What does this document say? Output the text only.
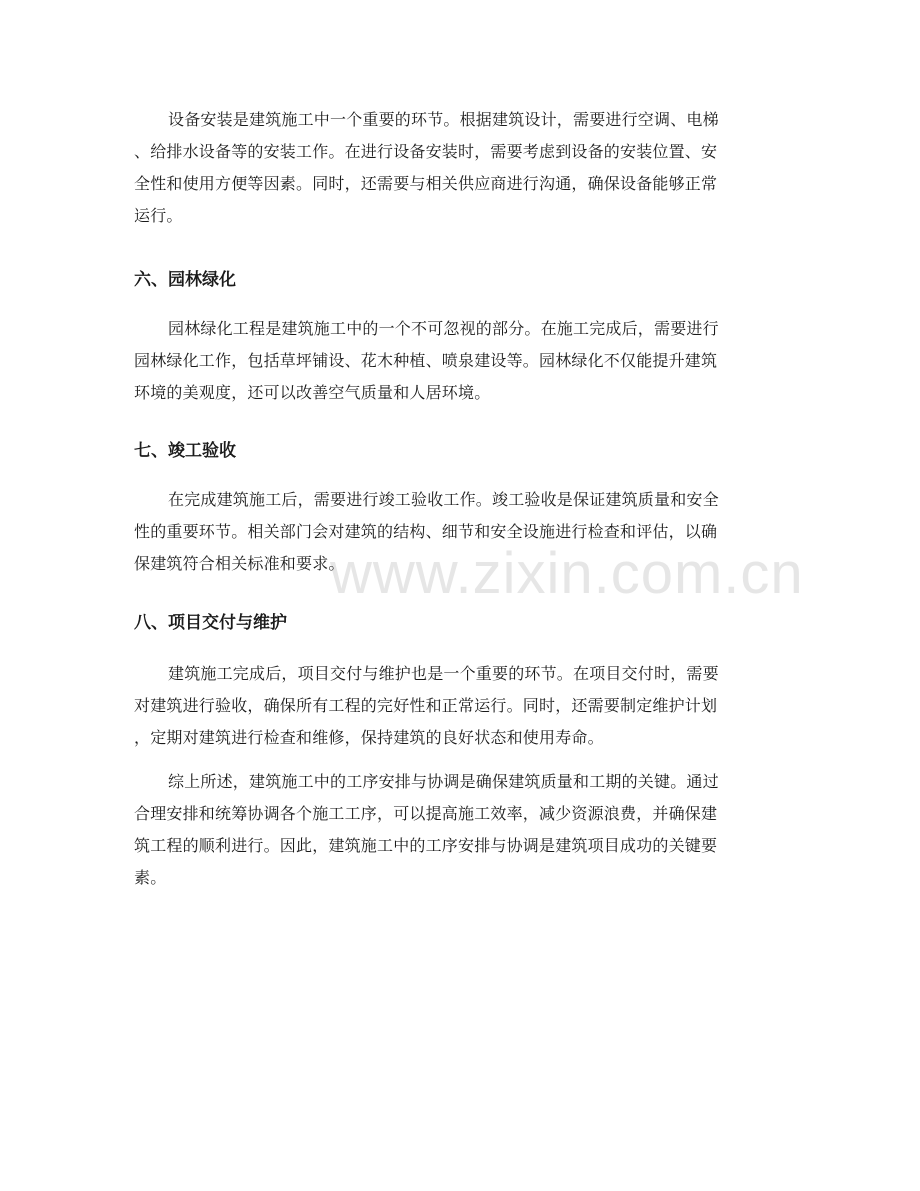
www.zixin.com.cn
设备安装是建筑施工中一个重要的环节。根据建筑设计，需要进行空调、电梯
、给排水设备等的安装工作。在进行设备安装时，需要考虑到设备的安装位置、安
全性和使用方便等因素。同时，还需要与相关供应商进行沟通，确保设备能够正常
运行。
六、园林绿化
园林绿化工程是建筑施工中的一个不可忽视的部分。在施工完成后，需要进行
园林绿化工作，包括草坪铺设、花木种植、喷泉建设等。园林绿化不仅能提升建筑
环境的美观度，还可以改善空气质量和人居环境。
七、竣工验收
在完成建筑施工后，需要进行竣工验收工作。竣工验收是保证建筑质量和安全
性的重要环节。相关部门会对建筑的结构、细节和安全设施进行检查和评估，以确
保建筑符合相关标准和要求。
八、项目交付与维护
建筑施工完成后，项目交付与维护也是一个重要的环节。在项目交付时，需要
对建筑进行验收，确保所有工程的完好性和正常运行。同时，还需要制定维护计划
，定期对建筑进行检查和维修，保持建筑的良好状态和使用寿命。
综上所述，建筑施工中的工序安排与协调是确保建筑质量和工期的关键。通过
合理安排和统筹协调各个施工工序，可以提高施工效率，减少资源浪费，并确保建
筑工程的顺利进行。因此，建筑施工中的工序安排与协调是建筑项目成功的关键要
素。
